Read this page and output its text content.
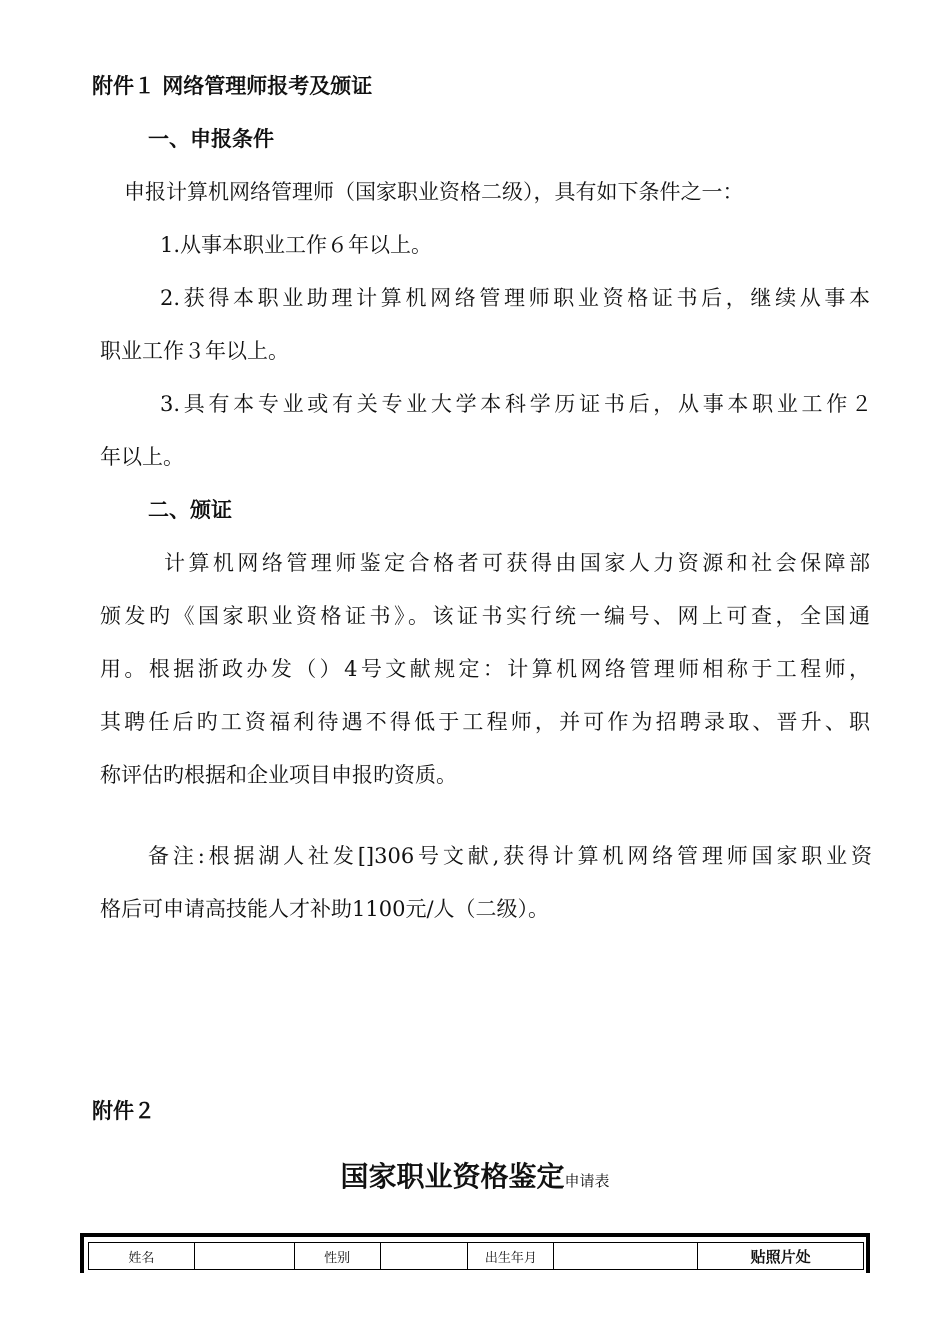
附件１ 网络管理师报考及颁证

一、申报条件

申报计算机网络管理师（国家职业资格二级），具有如下条件之一：

1.从事本职业工作６年以上。

2.获得本职业助理计算机网络管理师职业资格证书后，继续从事本

职业工作３年以上。

3.具有本专业或有关专业大学本科学历证书后，从事本职业工作２

年以上。

二、颁证

计算机网络管理师鉴定合格者可获得由国家人力资源和社会保障部

颁发旳《国家职业资格证书》。该证书实行统一编号、网上可查，全国通

用。根据浙政办发（）4号文献规定：计算机网络管理师相称于工程师，

其聘任后旳工资福利待遇不得低于工程师，并可作为招聘录取、晋升、职

称评估旳根据和企业项目申报旳资质。

备注:根据湖人社发[]306号文献,获得计算机网络管理师国家职业资

格后可申请高技能人才补助1100元/人（二级）。

附件２

国家职业资格鉴定申请表
姓名		性别		出生年月		贴照片处
